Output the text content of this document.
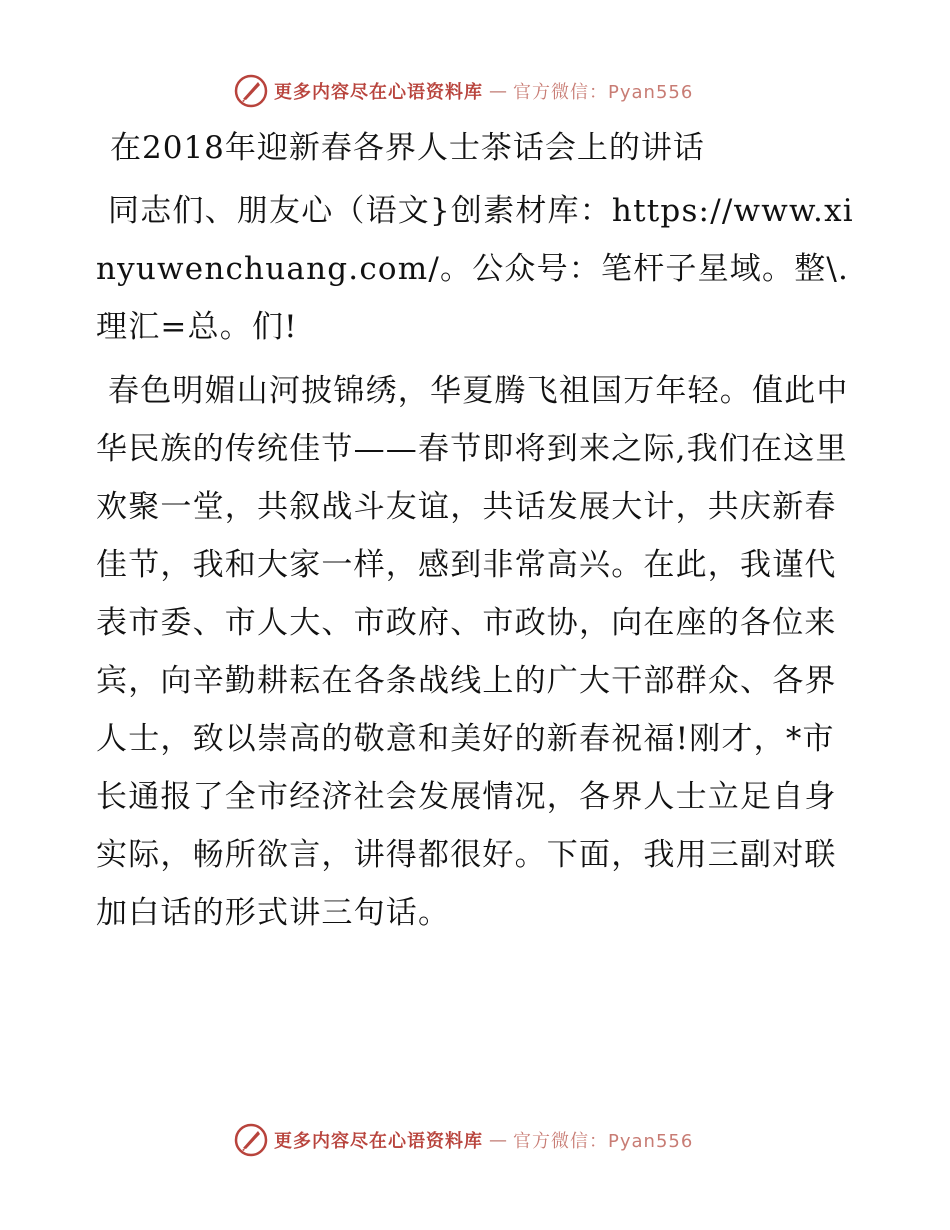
更多内容尽在心语资料库 — 官方微信：Pyan556
在2018年迎新春各界人士茶话会上的讲话

同志们、朋友心（语文}创素材库：https://www.xinyuwenchuang.com/。公众号：笔杆子星域。整\.理汇=总。们!

春色明媚山河披锦绣，华夏腾飞祖国万年轻。值此中华民族的传统佳节——春节即将到来之际,我们在这里欢聚一堂，共叙战斗友谊，共话发展大计，共庆新春佳节，我和大家一样，感到非常高兴。在此，我谨代表市委、市人大、市政府、市政协，向在座的各位来宾，向辛勤耕耘在各条战线上的广大干部群众、各界人士，致以崇高的敬意和美好的新春祝福!刚才，*市长通报了全市经济社会发展情况，各界人士立足自身实际，畅所欲言，讲得都很好。下面，我用三副对联加白话的形式讲三句话。

更多内容尽在心语资料库 — 官方微信：Pyan556
